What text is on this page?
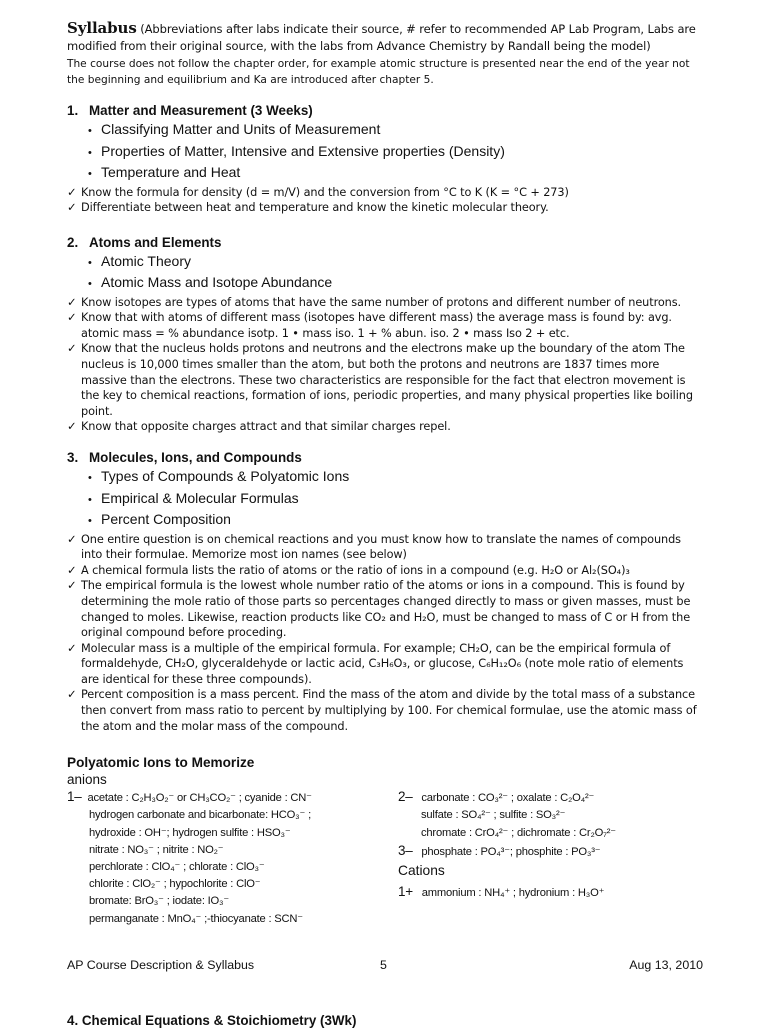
Syllabus (Abbreviations after labs indicate their source, # refer to recommended AP Lab Program, Labs are modified from their original source, with the labs from Advance Chemistry by Randall being the model)
The course does not follow the chapter order, for example atomic structure is presented near the end of the year not the beginning and equilibrium and Ka are introduced after chapter 5.
1. Matter and Measurement (3 Weeks)
• Classifying Matter and Units of Measurement
• Properties of Matter, Intensive and Extensive properties (Density)
• Temperature and Heat
✓ Know the formula for density (d = m/V) and the conversion from °C to K (K = °C + 273)
✓ Differentiate between heat and temperature and know the kinetic molecular theory.
2. Atoms and Elements
• Atomic Theory
• Atomic Mass and Isotope Abundance
✓ Know isotopes are types of atoms that have the same number of protons and different number of neutrons.
✓ Know that with atoms of different mass (isotopes have different mass) the average mass is found by: avg. atomic mass = % abundance isotp. 1 • mass iso. 1 + % abun. iso. 2 • mass Iso 2 + etc.
✓ Know that the nucleus holds protons and neutrons and the electrons make up the boundary of the atom The nucleus is 10,000 times smaller than the atom, but both the protons and neutrons are 1837 times more massive than the electrons. These two characteristics are responsible for the fact that electron movement is the key to chemical reactions, formation of ions, periodic properties, and many physical properties like boiling point.
✓ Know that opposite charges attract and that similar charges repel.
3. Molecules, Ions, and Compounds
• Types of Compounds & Polyatomic Ions
• Empirical & Molecular Formulas
• Percent Composition
✓ One entire question is on chemical reactions and you must know how to translate the names of compounds into their formulae. Memorize most ion names (see below)
✓ A chemical formula lists the ratio of atoms or the ratio of ions in a compound (e.g. H₂O or Al₂(SO₄)₃
✓ The empirical formula is the lowest whole number ratio of the atoms or ions in a compound. This is found by determining the mole ratio of those parts so percentages changed directly to mass or given masses, must be changed to moles. Likewise, reaction products like CO₂ and H₂O, must be changed to mass of C or H from the original compound before proceding.
✓ Molecular mass is a multiple of the empirical formula. For example; CH₂O, can be the empirical formula of formaldehyde, CH₂O, glyceraldehyde or lactic acid, C₃H₆O₃, or glucose, C₆H₁₂O₆ (note mole ratio of elements are identical for these three compounds).
✓ Percent composition is a mass percent. Find the mass of the atom and divide by the total mass of a substance then convert from mass ratio to percent by multiplying by 100. For chemical formulae, use the atomic mass of the atom and the molar mass of the compound.
Polyatomic Ions to Memorize
anions
1– acetate : C₂H₃O₂⁻ or CH₃CO₂⁻ ; cyanide : CN⁻
hydrogen carbonate and bicarbonate: HCO₃⁻ ;
hydroxide : OH⁻; hydrogen sulfite : HSO₃⁻
nitrate : NO₃⁻ ; nitrite : NO₂⁻
perchlorate : ClO₄⁻ ; chlorate : ClO₃⁻
chlorite : ClO₂⁻ ; hypochlorite : ClO⁻
bromate: BrO₃⁻ ; iodate: IO₃⁻
permanganate : MnO₄⁻ ;-thiocyanate : SCN⁻
2– carbonate : CO₃²⁻ ; oxalate : C₂O₄²⁻
sulfate : SO₄²⁻ ; sulfite : SO₃²⁻
chromate : CrO₄²⁻ ; dichromate : Cr₂O₇²⁻
3– phosphate : PO₄³⁻; phosphite : PO₃³⁻
Cations
1+ ammonium : NH₄⁺ ; hydronium : H₃O⁺
AP Course Description & Syllabus	5	Aug 13, 2010
4. Chemical Equations & Stoichiometry (3Wk)
